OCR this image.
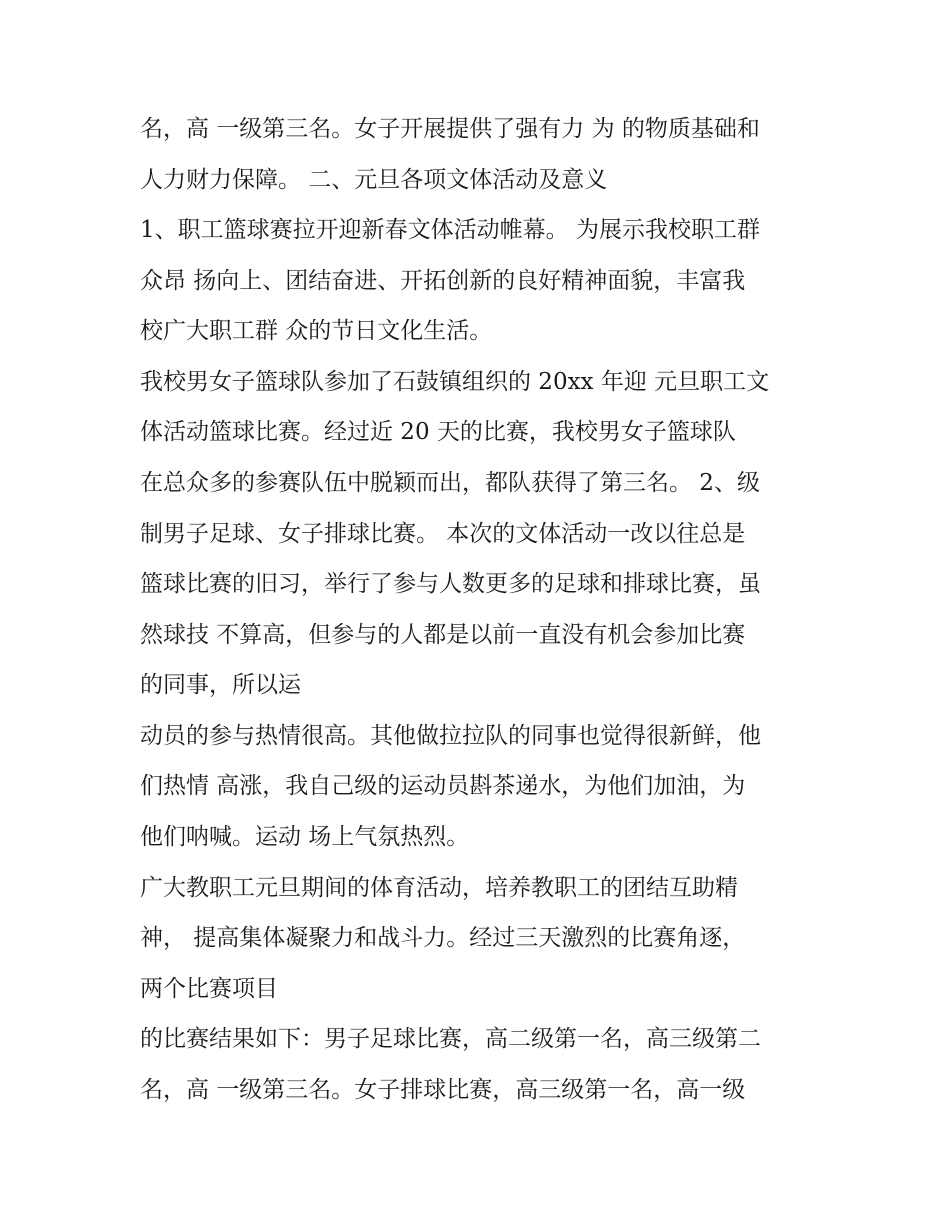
名，高 一级第三名。女子开展提供了强有力 为 的物质基础和

人力财力保障。 二、元旦各项文体活动及意义

1、职工篮球赛拉开迎新春文体活动帷幕。 为展示我校职工群

众昂 扬向上、团结奋进、开拓创新的良好精神面貌，丰富我

校广大职工群 众的节日文化生活。

我校男女子篮球队参加了石鼓镇组织的 20xx 年迎 元旦职工文

体活动篮球比赛。经过近 20 天的比赛，我校男女子篮球队

在总众多的参赛队伍中脱颖而出，都队获得了第三名。 2、级

制男子足球、女子排球比赛。 本次的文体活动一改以往总是

篮球比赛的旧习，举行了参与人数更多的足球和排球比赛，虽

然球技 不算高，但参与的人都是以前一直没有机会参加比赛

的同事，所以运

动员的参与热情很高。其他做拉拉队的同事也觉得很新鲜，他

们热情 高涨，我自己级的运动员斟茶递水，为他们加油，为

他们呐喊。运动 场上气氛热烈。

广大教职工元旦期间的体育活动，培养教职工的团结互助精

神， 提高集体凝聚力和战斗力。经过三天激烈的比赛角逐，

两个比赛项目

的比赛结果如下：男子足球比赛，高二级第一名，高三级第二

名，高 一级第三名。女子排球比赛，高三级第一名，高一级
